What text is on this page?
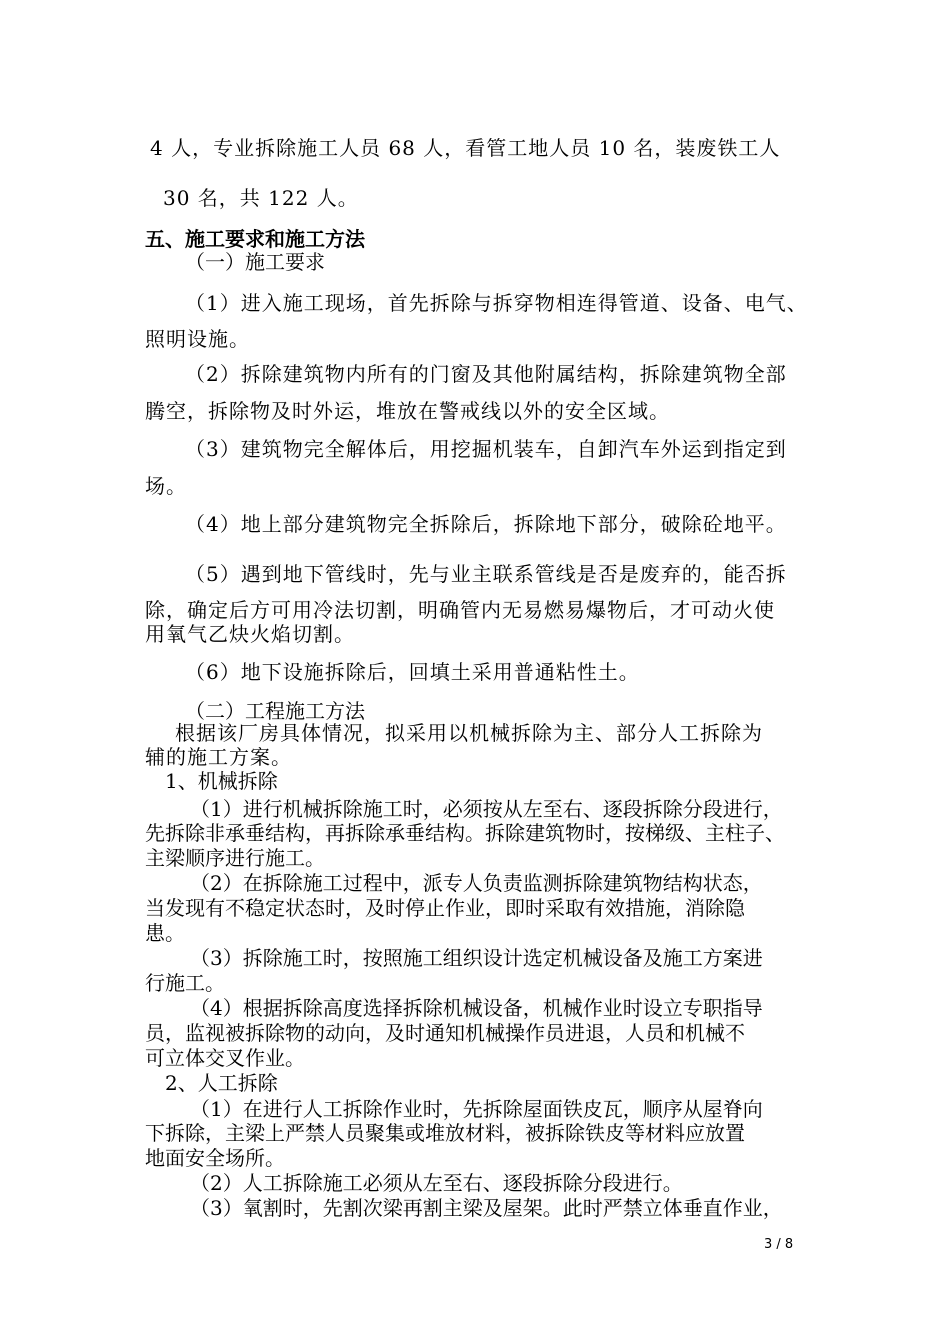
4 人，专业拆除施工人员 68 人，看管工地人员 10 名，装废铁工人
30 名，共 122 人。
五、施工要求和施工方法
（一）施工要求
（1）进入施工现场，首先拆除与拆穿物相连得管道、设备、电气、
照明设施。
（2）拆除建筑物内所有的门窗及其他附属结构，拆除建筑物全部
腾空，拆除物及时外运，堆放在警戒线以外的安全区域。
（3）建筑物完全解体后，用挖掘机装车，自卸汽车外运到指定到
场。
（4）地上部分建筑物完全拆除后，拆除地下部分，破除砼地平。
（5）遇到地下管线时，先与业主联系管线是否是废弃的，能否拆
除，确定后方可用冷法切割，明确管内无易燃易爆物后，才可动火使
用氧气乙炔火焰切割。
（6）地下设施拆除后，回填土采用普通粘性土。
（二）工程施工方法
根据该厂房具体情况，拟采用以机械拆除为主、部分人工拆除为
辅的施工方案。
1、机械拆除
（1）进行机械拆除施工时，必须按从左至右、逐段拆除分段进行，
先拆除非承垂结构，再拆除承垂结构。拆除建筑物时，按梯级、主柱子、
主梁顺序进行施工。
（2）在拆除施工过程中，派专人负责监测拆除建筑物结构状态，
当发现有不稳定状态时，及时停止作业，即时采取有效措施，消除隐
患。
（3）拆除施工时，按照施工组织设计选定机械设备及施工方案进
行施工。
（4）根据拆除高度选择拆除机械设备，机械作业时设立专职指导
员，监视被拆除物的动向，及时通知机械操作员进退，人员和机械不
可立体交叉作业。
2、人工拆除
（1）在进行人工拆除作业时，先拆除屋面铁皮瓦，顺序从屋脊向
下拆除，主梁上严禁人员聚集或堆放材料，被拆除铁皮等材料应放置
地面安全场所。
（2）人工拆除施工必须从左至右、逐段拆除分段进行。
（3）氧割时，先割次梁再割主梁及屋架。此时严禁立体垂直作业，
3 / 8
